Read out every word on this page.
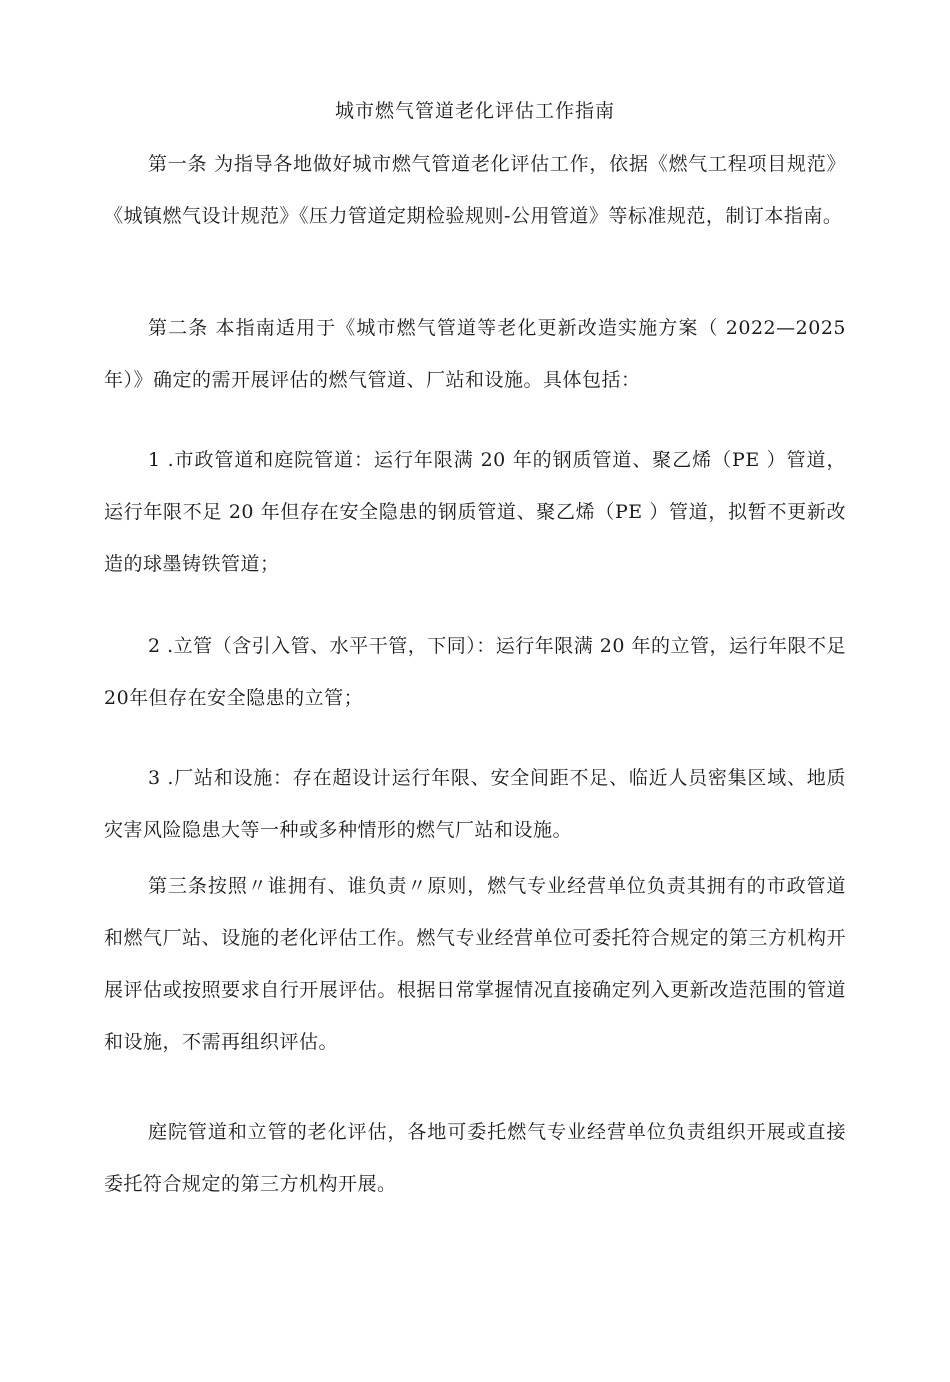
城市燃气管道老化评估工作指南

第一条 为指导各地做好城市燃气管道老化评估工作，依据《燃气工程项目规范》《城镇燃气设计规范》《压力管道定期检验规则-公用管道》等标准规范，制订本指南。

第二条 本指南适用于《城市燃气管道等老化更新改造实施方案（ 2022—2025 年）》确定的需开展评估的燃气管道、厂站和设施。具体包括：

1 .市政管道和庭院管道：运行年限满 20 年的钢质管道、聚乙烯（PE ）管道，运行年限不足 20 年但存在安全隐患的钢质管道、聚乙烯（PE ）管道，拟暂不更新改造的球墨铸铁管道；

2 .立管（含引入管、水平干管，下同）：运行年限满 20 年的立管，运行年限不足20年但存在安全隐患的立管；

3 .厂站和设施：存在超设计运行年限、安全间距不足、临近人员密集区域、地质灾害风险隐患大等一种或多种情形的燃气厂站和设施。

第三条按照〃谁拥有、谁负责〃原则，燃气专业经营单位负责其拥有的市政管道和燃气厂站、设施的老化评估工作。燃气专业经营单位可委托符合规定的第三方机构开展评估或按照要求自行开展评估。根据日常掌握情况直接确定列入更新改造范围的管道和设施，不需再组织评估。

庭院管道和立管的老化评估，各地可委托燃气专业经营单位负责组织开展或直接委托符合规定的第三方机构开展。
